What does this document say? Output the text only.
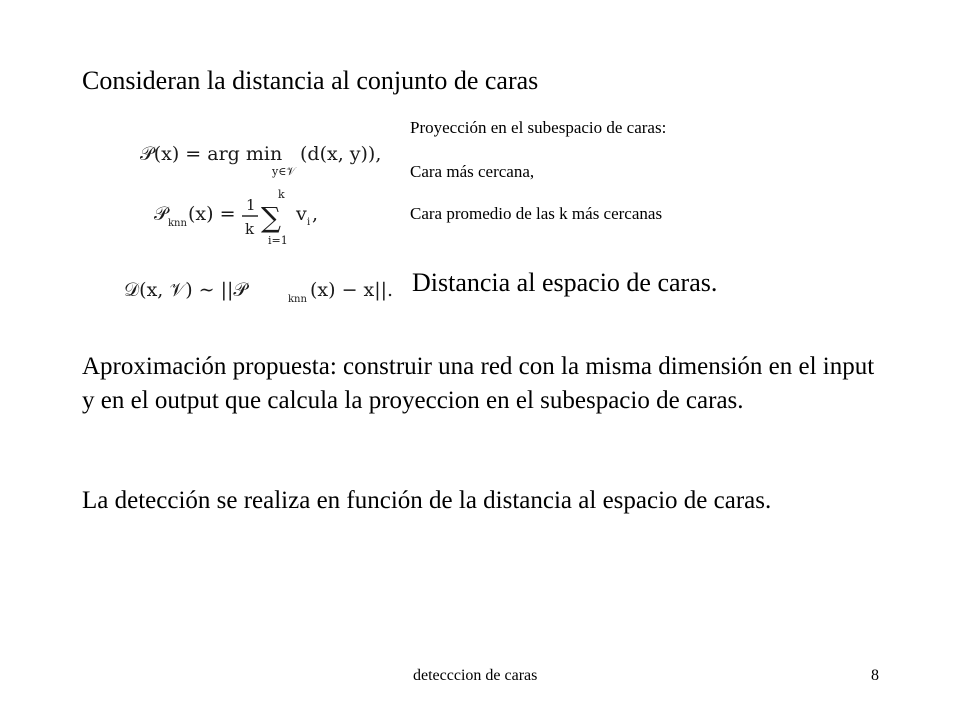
Consideran la distancia al conjunto de caras
𝒫(x) = arg min
y∈𝒱
(d(x, y)),
𝒫 knn (x) = 1
k ∑
k
i=1
v i ,
𝒟(x, 𝒱) ∼ ||𝒫	knn (x) − x||.
Proyección en el subespacio de caras:
Cara más cercana,
Cara promedio de las k más cercanas
Distancia al espacio de caras.
Aproximación propuesta: construir una red con la misma dimensión en el input y en el output que calcula la proyeccion en el subespacio de caras.
La detección se realiza en función de la distancia al espacio de caras.
detecccion de caras	8
